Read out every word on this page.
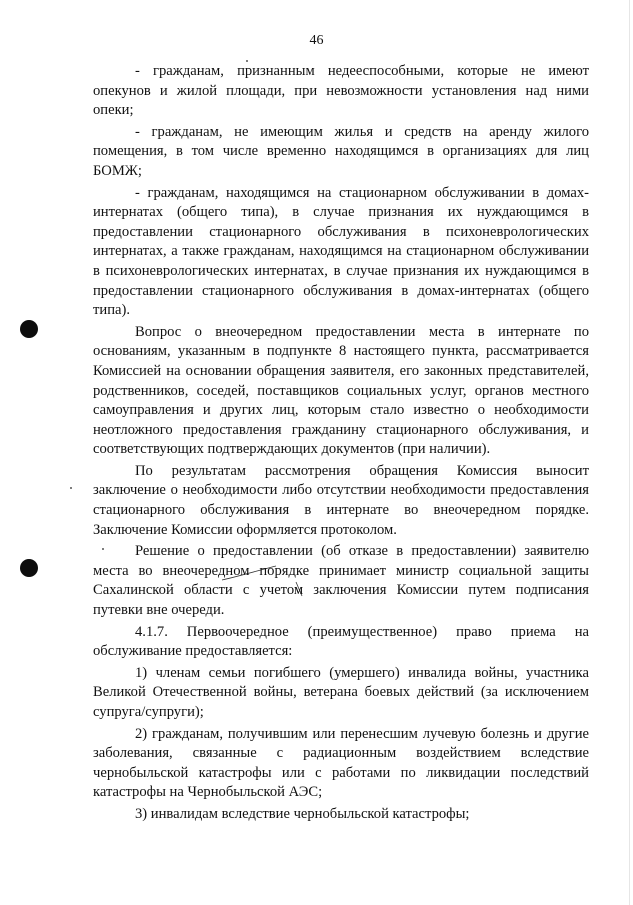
46

- гражданам, признанным недееспособными, которые не имеют опекунов и жилой площади, при невозможности установления над ними опеки;

- гражданам, не имеющим жилья и средств на аренду жилого помещения, в том числе временно находящимся в организациях для лиц БОМЖ;

- гражданам, находящимся на стационарном обслуживании в домах-интернатах (общего типа), в случае признания их нуждающимся в предоставлении стационарного обслуживания в психоневрологических интернатах, а также гражданам, находящимся на стационарном обслуживании в психоневрологических интернатах, в случае признания их нуждающимся в предоставлении стационарного обслуживания в домах-интернатах (общего типа).

Вопрос о внеочередном предоставлении места в интернате по основаниям, указанным в подпункте 8 настоящего пункта, рассматривается Комиссией на основании обращения заявителя, его законных представителей, родственников, соседей, поставщиков социальных услуг, органов местного самоуправления и других лиц, которым стало известно о необходимости неотложного предоставления гражданину стационарного обслуживания, и соответствующих подтверждающих документов (при наличии).

По результатам рассмотрения обращения Комиссия выносит заключение о необходимости либо отсутствии необходимости предоставления стационарного обслуживания в интернате во внеочередном порядке. Заключение Комиссии оформляется протоколом.

Решение о предоставлении (об отказе в предоставлении) заявителю места во внеочередном порядке принимает министр социальной защиты Сахалинской области с учетом заключения Комиссии путем подписания путевки вне очереди.

4.1.7. Первоочередное (преимущественное) право приема на обслуживание предоставляется:

1) членам семьи погибшего (умершего) инвалида войны, участника Великой Отечественной войны, ветерана боевых действий (за исключением супруга/супруги);

2) гражданам, получившим или перенесшим лучевую болезнь и другие заболевания, связанные с радиационным воздействием вследствие чернобыльской катастрофы или с работами по ликвидации последствий катастрофы на Чернобыльской АЭС;

3) инвалидам вследствие чернобыльской катастрофы;
